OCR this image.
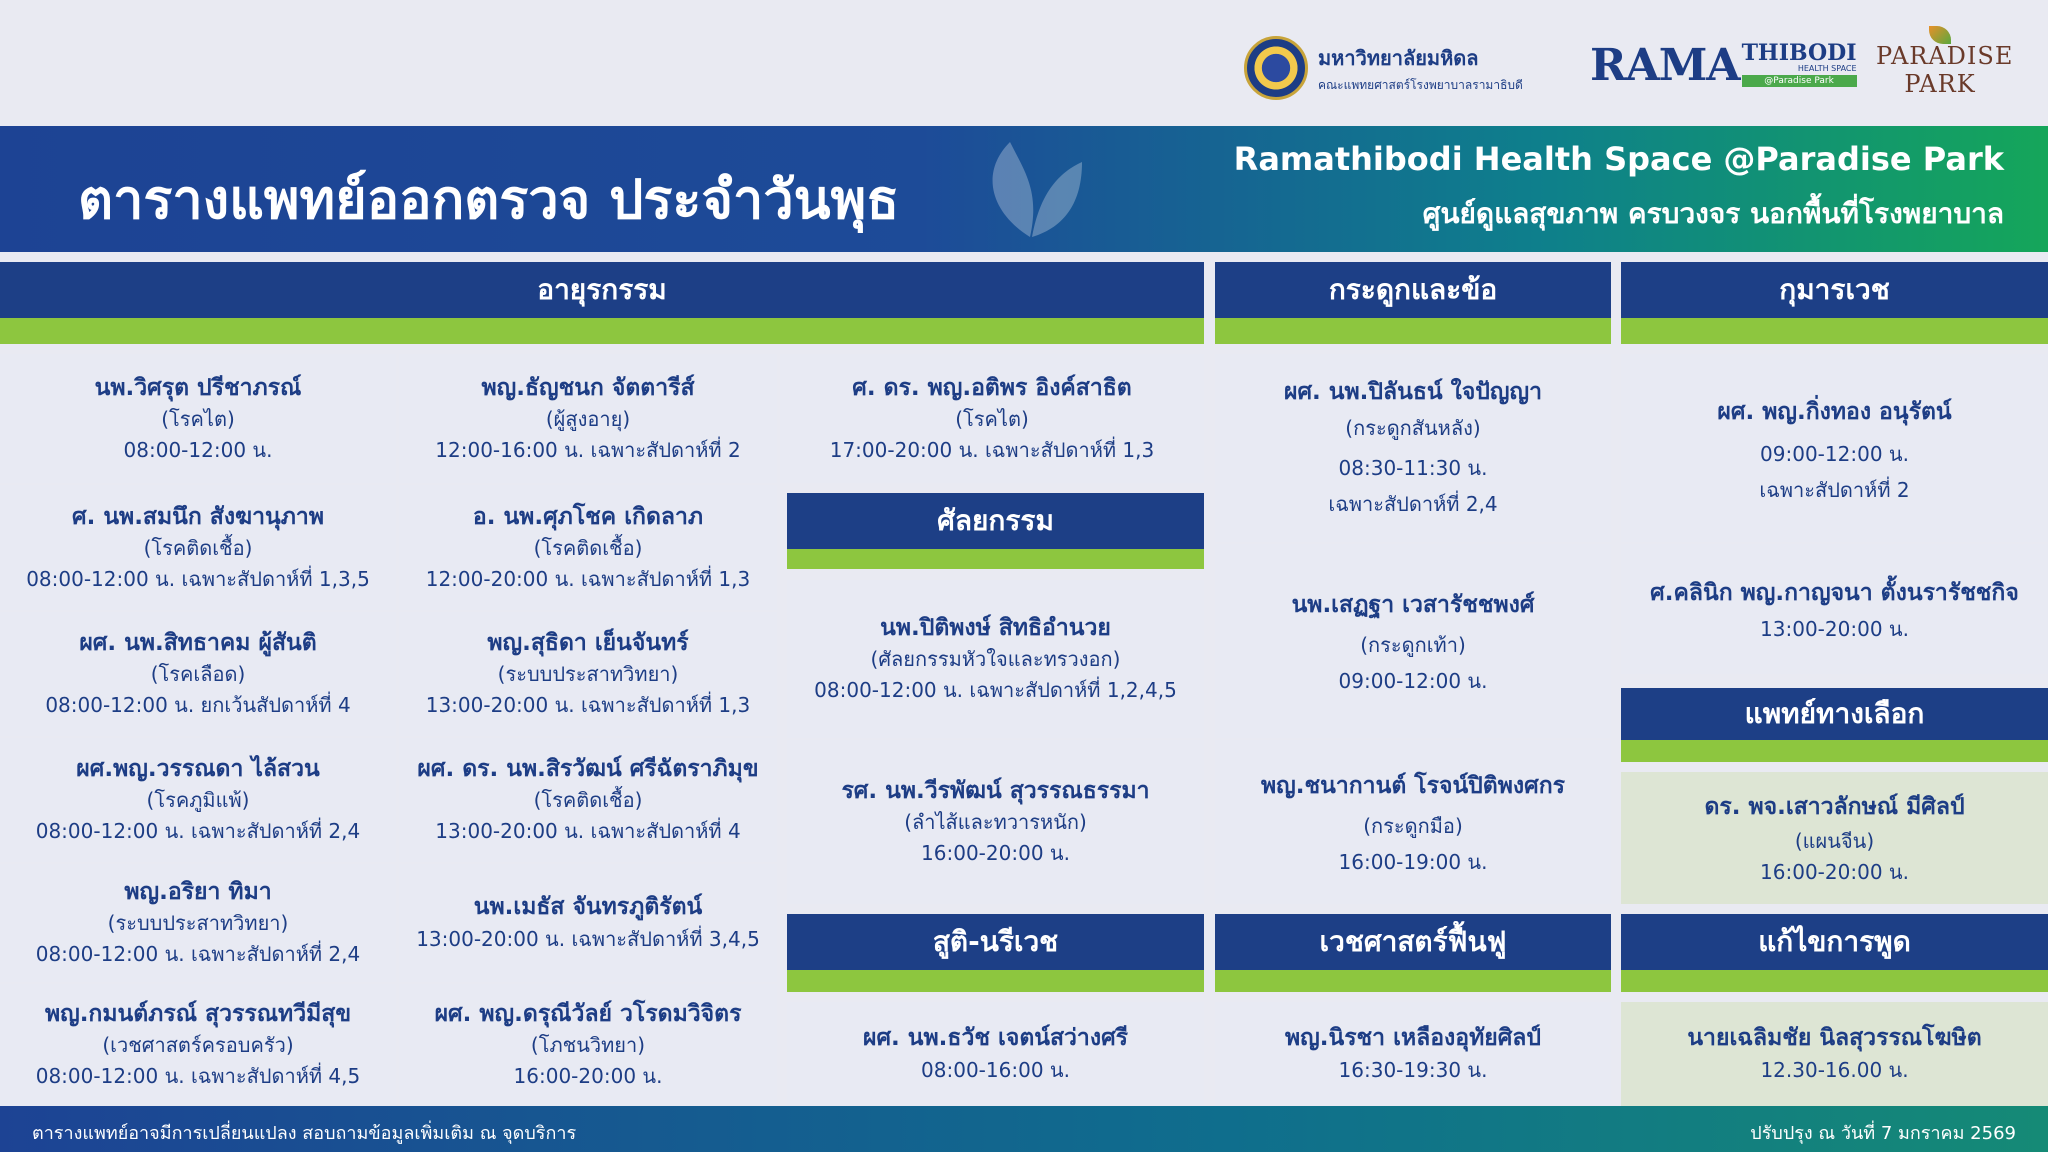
มหาวิทยาลัยมหิดล
คณะแพทยศาสตร์โรงพยาบาลรามาธิบดี RAMA THIBODI
HEALTH SPACE
@Paradise Park
PARADISE
PARK
ตารางแพทย์ออกตรวจ ประจำวันพุธ
Ramathibodi Health Space @Paradise Park
ศูนย์ดูแลสุขภาพ ครบวงจร นอกพื้นที่โรงพยาบาล
อายุรกรรม
นพ.วิศรุต ปรีชาภรณ์
(โรคไต)
08:00-12:00 น.
ศ. นพ.สมนึก สังฆานุภาพ
(โรคติดเชื้อ)
08:00-12:00 น. เฉพาะสัปดาห์ที่ 1,3,5
ผศ. นพ.สิทธาคม ผู้สันติ
(โรคเลือด)
08:00-12:00 น. ยกเว้นสัปดาห์ที่ 4
ผศ.พญ.วรรณดา ไล้สวน
(โรคภูมิแพ้)
08:00-12:00 น. เฉพาะสัปดาห์ที่ 2,4
พญ.อริยา ทิมา
(ระบบประสาทวิทยา)
08:00-12:00 น. เฉพาะสัปดาห์ที่ 2,4
พญ.กมนต์ภรณ์ สุวรรณทวีมีสุข
(เวชศาสตร์ครอบครัว)
08:00-12:00 น. เฉพาะสัปดาห์ที่ 4,5
พญ.ธัญชนก จัตตารีส์
(ผู้สูงอายุ)
12:00-16:00 น. เฉพาะสัปดาห์ที่ 2
อ. นพ.ศุภโชค เกิดลาภ
(โรคติดเชื้อ)
12:00-20:00 น. เฉพาะสัปดาห์ที่ 1,3
พญ.สุธิดา เย็นจันทร์
(ระบบประสาทวิทยา)
13:00-20:00 น. เฉพาะสัปดาห์ที่ 1,3
ผศ. ดร. นพ.สิรวัฒน์ ศรีฉัตราภิมุข
(โรคติดเชื้อ)
13:00-20:00 น. เฉพาะสัปดาห์ที่ 4
นพ.เมธัส จันทรภูติรัตน์
13:00-20:00 น. เฉพาะสัปดาห์ที่ 3,4,5
ผศ. พญ.ดรุณีวัลย์ วโรดมวิจิตร
(โภชนวิทยา)
16:00-20:00 น.
ศ. ดร. พญ.อติพร อิงค์สาธิต
(โรคไต)
17:00-20:00 น. เฉพาะสัปดาห์ที่ 1,3
ศัลยกรรม
นพ.ปิติพงษ์ สิทธิอำนวย
(ศัลยกรรมหัวใจและทรวงอก)
08:00-12:00 น. เฉพาะสัปดาห์ที่ 1,2,4,5
รศ. นพ.วีรพัฒน์ สุวรรณธรรมา
(ลำไส้และทวารหนัก)
16:00-20:00 น.
สูติ-นรีเวช
ผศ. นพ.ธวัช เจตน์สว่างศรี
08:00-16:00 น.
กระดูกและข้อ
ผศ. นพ.ปิลันธน์ ใจปัญญา
(กระดูกสันหลัง)
08:30-11:30 น.
เฉพาะสัปดาห์ที่ 2,4
นพ.เสฏฐา เวสารัชชพงศ์
(กระดูกเท้า)
09:00-12:00 น.
พญ.ชนากานต์ โรจน์ปิติพงศกร
(กระดูกมือ)
16:00-19:00 น.
เวชศาสตร์ฟื้นฟู
พญ.นิรชา เหลืองอุทัยศิลป์
16:30-19:30 น.
กุมารเวช
ผศ. พญ.กิ่งทอง อนุรัตน์
09:00-12:00 น.
เฉพาะสัปดาห์ที่ 2
ศ.คลินิก พญ.กาญจนา ตั้งนรารัชชกิจ
13:00-20:00 น.
แพทย์ทางเลือก
ดร. พจ.เสาวลักษณ์ มีศิลป์
(แผนจีน)
16:00-20:00 น.
แก้ไขการพูด
นายเฉลิมชัย นิลสุวรรณโฆษิต
12.30-16.00 น.
ตารางแพทย์อาจมีการเปลี่ยนแปลง สอบถามข้อมูลเพิ่มเติม ณ จุดบริการ	ปรับปรุง ณ วันที่ 7 มกราคม 2569
